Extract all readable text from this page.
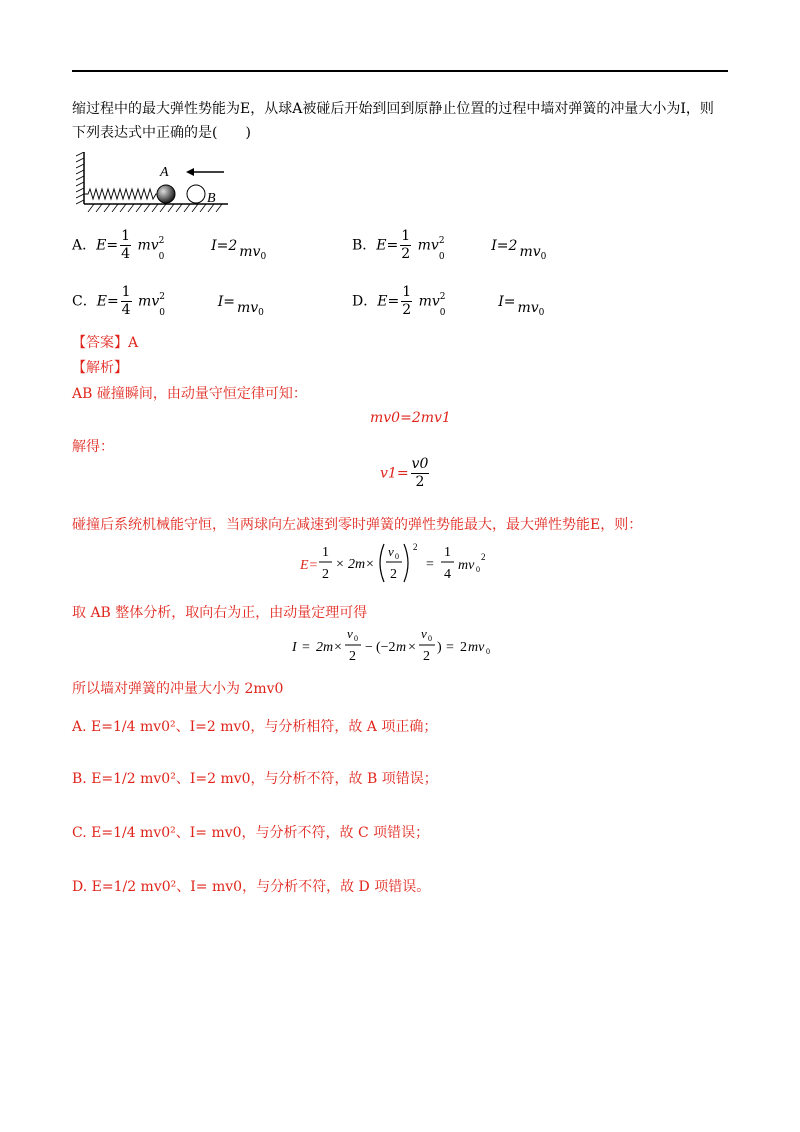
缩过程中的最大弹性势能为E，从球A被碰后开始到回到原静止位置的过程中墙对弹簧的冲量大小为I，则
下列表达式中正确的是(　　)
A
B
A．$E= \frac{1}{4}$ mv 2
0
I=2 $mv_0$
B．$E= \frac{1}{2}$ mv 2
0
I=2 $mv_0$
C．$E= \frac{1}{4}$ mv 2
0
$I= mv_0$
D．$E= \frac{1}{2}$ mv 2
0
$I= mv_0$
【答案】A
【解析】
AB 碰撞瞬间，由动量守恒定律可知：
mv0=2mv1
解得：
$v1= \frac{v0}{2}$
碰撞后系统机械能守恒，当两球向左减速到零时弹簧的弹性势能最大，最大弹性势能E，则：
E=
1
2
× 2m ×
v 0
2
2
=
1
4
mv 0
2
取 AB 整体分析，取向右为正，由动量定理可得
I = 2m ×
v 0
2
− (−2 m ×
v 0
2
) = 2 mv 0
所以墙对弹簧的冲量大小为 2mv0
A. E=1/4 mv0²、I=2 mv0，与分析相符，故 A 项正确；
B. E=1/2 mv0²、I=2 mv0，与分析不符，故 B 项错误；
C. E=1/4 mv0²、I= mv0，与分析不符，故 C 项错误；
D. E=1/2 mv0²、I= mv0，与分析不符，故 D 项错误。
